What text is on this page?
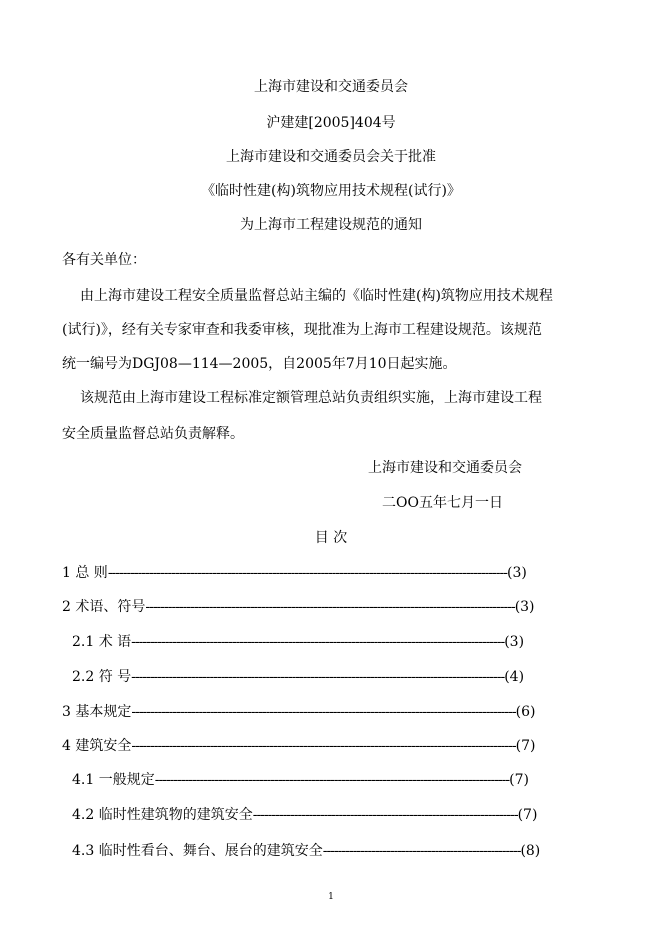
上海市建设和交通委员会

沪建建[2005]404号

上海市建设和交通委员会关于批准

《临时性建(构)筑物应用技术规程(试行)》

为上海市工程建设规范的通知

各有关单位：

由上海市建设工程安全质量监督总站主编的《临时性建(构)筑物应用技术规程

(试行)》，经有关专家审查和我委审核，现批准为上海市工程建设规范。该规范

统一编号为DGJ08—114—2005，自2005年7月10日起实施。

该规范由上海市建设工程标准定额管理总站负责组织实施，上海市建设工程

安全质量监督总站负责解释。

上海市建设和交通委员会

二OO五年七月一日

目 次

1 总 则-----------------------------------------------------------------------------------------------------------(3)
2 术语、符号---------------------------------------------------------------------------------------------------(3)
2.1 术 语----------------------------------------------------------------------------------------------------(3)
2.2 符 号----------------------------------------------------------------------------------------------------(4)
3 基本规定-------------------------------------------------------------------------------------------------------(6)
4 建筑安全-------------------------------------------------------------------------------------------------------(7)
4.1 一般规定-----------------------------------------------------------------------------------------------(7)
4.2 临时性建筑物的建筑安全-----------------------------------------------------------------------(7)
4.3 临时性看台、舞台、展台的建筑安全-----------------------------------------------------(8)
1
